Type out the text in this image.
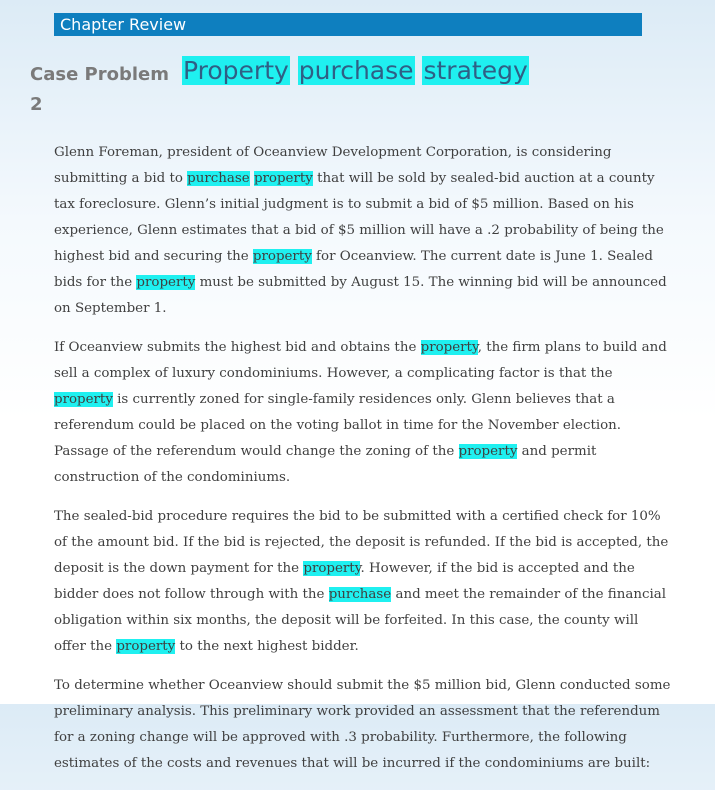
Chapter Review
Case Problem
2
Property purchase strategy

Glenn Foreman, president of Oceanview Development Corporation, is considering submitting a bid to purchase property that will be sold by sealed-bid auction at a county tax foreclosure. Glenn’s initial judgment is to submit a bid of $5 million. Based on his experience, Glenn estimates that a bid of $5 million will have a .2 probability of being the highest bid and securing the property for Oceanview. The current date is June 1. Sealed bids for the property must be submitted by August 15. The winning bid will be announced on September 1.

If Oceanview submits the highest bid and obtains the property, the firm plans to build and sell a complex of luxury condominiums. However, a complicating factor is that the property is currently zoned for single-family residences only. Glenn believes that a referendum could be placed on the voting ballot in time for the November election. Passage of the referendum would change the zoning of the property and permit construction of the condominiums.

The sealed-bid procedure requires the bid to be submitted with a certified check for 10% of the amount bid. If the bid is rejected, the deposit is refunded. If the bid is accepted, the deposit is the down payment for the property. However, if the bid is accepted and the bidder does not follow through with the purchase and meet the remainder of the financial obligation within six months, the deposit will be forfeited. In this case, the county will offer the property to the next highest bidder.

To determine whether Oceanview should submit the $5 million bid, Glenn conducted some preliminary analysis. This preliminary work provided an assessment that the referendum for a zoning change will be approved with .3 probability. Furthermore, the following estimates of the costs and revenues that will be incurred if the condominiums are built:
